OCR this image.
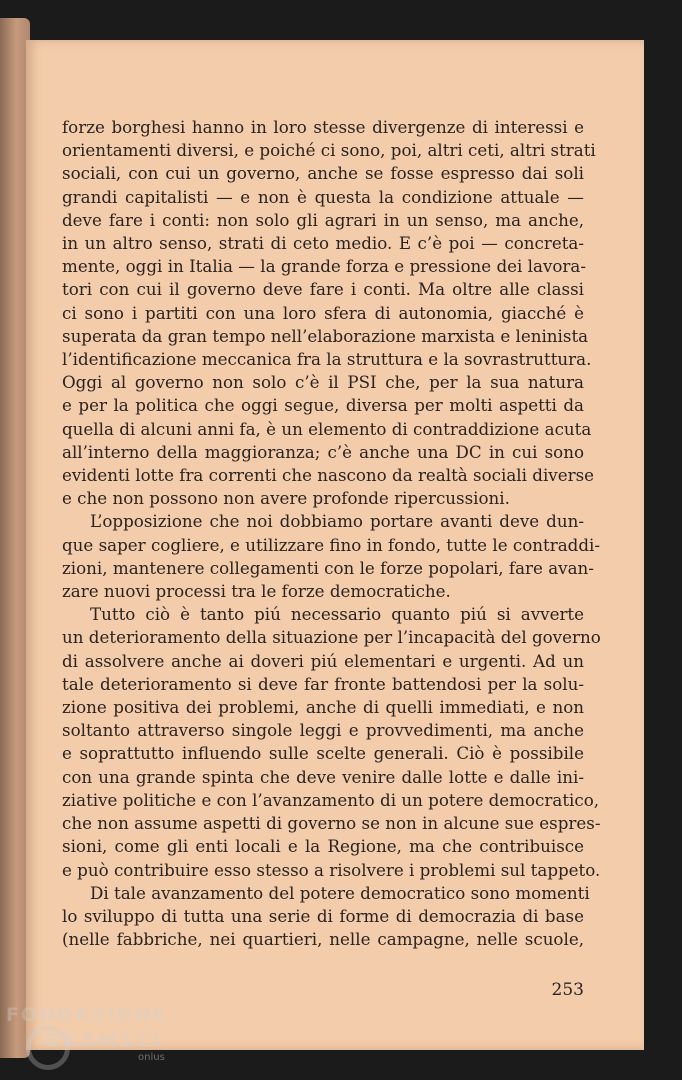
forze borghesi hanno in loro stesse divergenze di interessi e
orientamenti diversi, e poiché ci sono, poi, altri ceti, altri strati
sociali, con cui un governo, anche se fosse espresso dai soli
grandi capitalisti — e non è questa la condizione attuale —
deve fare i conti: non solo gli agrari in un senso, ma anche,
in un altro senso, strati di ceto medio. E c’è poi — concreta-
mente, oggi in Italia — la grande forza e pressione dei lavora-
tori con cui il governo deve fare i conti. Ma oltre alle classi
ci sono i partiti con una loro sfera di autonomia, giacché è
superata da gran tempo nell’elaborazione marxista e leninista
l’identificazione meccanica fra la struttura e la sovrastruttura.
Oggi al governo non solo c’è il PSI che, per la sua natura
e per la politica che oggi segue, diversa per molti aspetti da
quella di alcuni anni fa, è un elemento di contraddizione acuta
all’interno della maggioranza; c’è anche una DC in cui sono
evidenti lotte fra correnti che nascono da realtà sociali diverse
e che non possono non avere profonde ripercussioni.

L’opposizione che noi dobbiamo portare avanti deve dun-
que saper cogliere, e utilizzare fino in fondo, tutte le contraddi-
zioni, mantenere collegamenti con le forze popolari, fare avan-
zare nuovi processi tra le forze democratiche.

Tutto ciò è tanto piú necessario quanto piú si avverte
un deterioramento della situazione per l’incapacità del governo
di assolvere anche ai doveri piú elementari e urgenti. Ad un
tale deterioramento si deve far fronte battendosi per la solu-
zione positiva dei problemi, anche di quelli immediati, e non
soltanto attraverso singole leggi e provvedimenti, ma anche
e soprattutto influendo sulle scelte generali. Ciò è possibile
con una grande spinta che deve venire dalle lotte e dalle ini-
ziative politiche e con l’avanzamento di un potere democratico,
che non assume aspetti di governo se non in alcune sue espres-
sioni, come gli enti locali e la Regione, ma che contribuisce
e può contribuire esso stesso a risolvere i problemi sul tappeto.

Di tale avanzamento del potere democratico sono momenti
lo sviluppo di tutta una serie di forme di democrazia di base
(nelle fabbriche, nei quartieri, nelle campagne, nelle scuole,

253
FONDAZIONE
GRAMSCI
onlus
